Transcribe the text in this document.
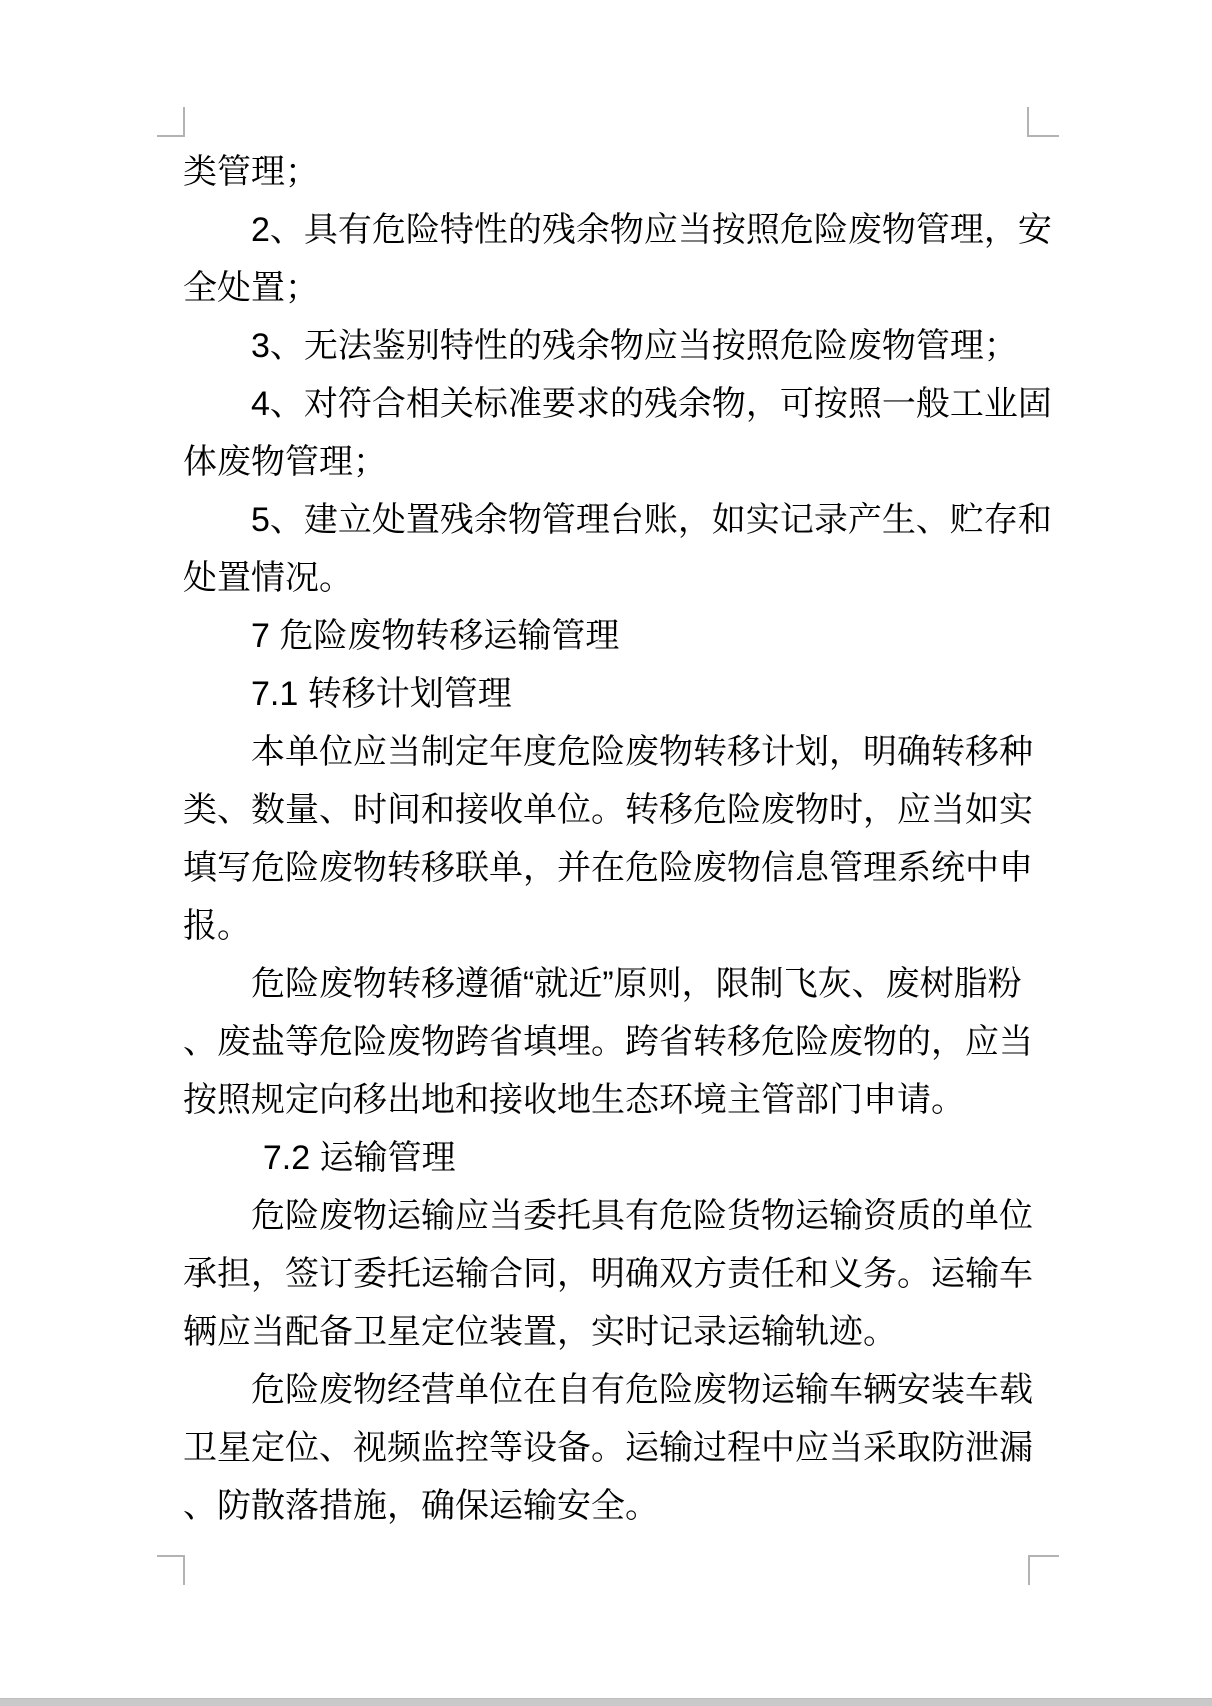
类管理；
2、具有危险特性的残余物应当按照危险废物管理，安
全处置；
3、无法鉴别特性的残余物应当按照危险废物管理；
4、对符合相关标准要求的残余物，可按照一般工业固
体废物管理；
5、建立处置残余物管理台账，如实记录产生、贮存和
处置情况。
7 危险废物转移运输管理
7.1 转移计划管理
本单位应当制定年度危险废物转移计划，明确转移种
类、数量、时间和接收单位。转移危险废物时，应当如实
填写危险废物转移联单，并在危险废物信息管理系统中申
报。
危险废物转移遵循“就近”原则，限制飞灰、废树脂粉
、废盐等危险废物跨省填埋。跨省转移危险废物的，应当
按照规定向移出地和接收地生态环境主管部门申请。
7.2 运输管理
危险废物运输应当委托具有危险货物运输资质的单位
承担，签订委托运输合同，明确双方责任和义务。运输车
辆应当配备卫星定位装置，实时记录运输轨迹。
危险废物经营单位在自有危险废物运输车辆安装车载
卫星定位、视频监控等设备。运输过程中应当采取防泄漏
、防散落措施，确保运输安全。
